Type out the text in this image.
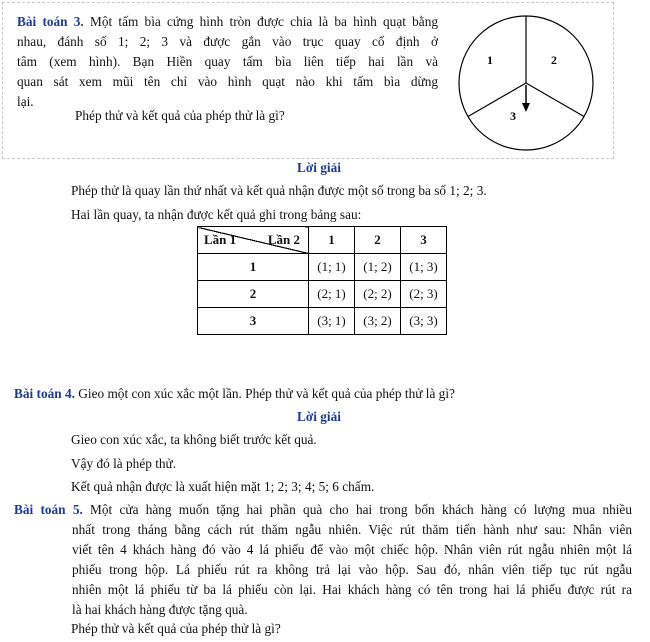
Bài toán 3. Một tấm bìa cứng hình tròn được chia là ba hình quạt bằng
nhau, đánh số 1; 2; 3 và được gắn vào trục quay cố định ở
tâm (xem hình). Bạn Hiền quay tấm bìa liên tiếp hai lần và
quan sát xem mũi tên chỉ vào hình quạt nào khi tấm bìa dừng
lại.
Phép thử và kết quả của phép thử là gì?
1	2
3
Lời giải
Phép thử là quay lần thứ nhất và kết quả nhận được một số trong ba số 1; 2; 3.
Hai lần quay, ta nhận được kết quả ghi trong bảng sau:
Lần 2
Lần 1	1	2	3
1	(1; 1)	(1; 2)	(1; 3)
2	(2; 1)	(2; 2)	(2; 3)
3	(3; 1)	(3; 2)	(3; 3)
Bài toán 4. Gieo một con xúc xắc một lần. Phép thử và kết quả của phép thử là gì?
Lời giải
Gieo con xúc xắc, ta không biết trước kết quả.
Vậy đó là phép thử.
Kết quả nhận được là xuất hiện mặt 1; 2; 3; 4; 5; 6 chấm.
Bài toán 5. Một cửa hàng muốn tặng hai phần quà cho hai trong bốn khách hàng có lượng mua nhiều
nhất trong tháng bằng cách rút thăm ngẫu nhiên. Việc rút thăm tiến hành như sau: Nhân viên
viết tên 4 khách hàng đó vào 4 lá phiếu để vào một chiếc hộp. Nhân viên rút ngẫu nhiên một lá
phiếu trong hộp. Lá phiếu rút ra không trả lại vào hộp. Sau đó, nhân viên tiếp tục rút ngẫu
nhiên một lá phiếu từ ba lá phiếu còn lại. Hai khách hàng có tên trong hai lá phiếu được rút ra
là hai khách hàng được tặng quà.
Phép thử và kết quả của phép thử là gì?
